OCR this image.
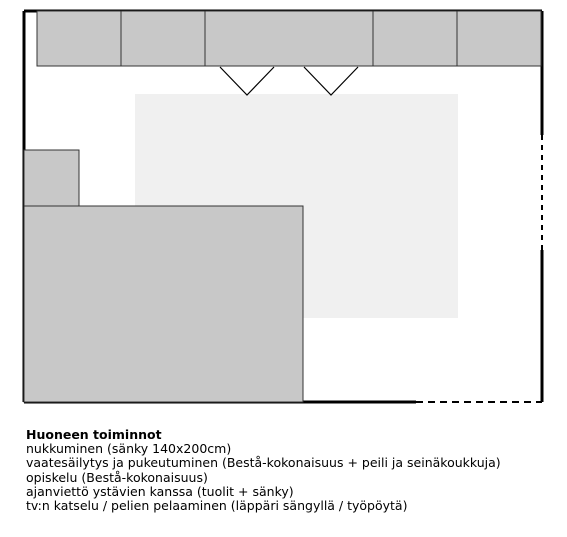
Huoneen toiminnot
nukkuminen (sänky 140x200cm)
vaatesäilytys ja pukeutuminen (Bestå-kokonaisuus + peili ja seinäkoukkuja)
opiskelu (Bestå-kokonaisuus)
ajanviettö ystävien kanssa (tuolit + sänky)
tv:n katselu / pelien pelaaminen (läppäri sängyllä / työpöytä)
